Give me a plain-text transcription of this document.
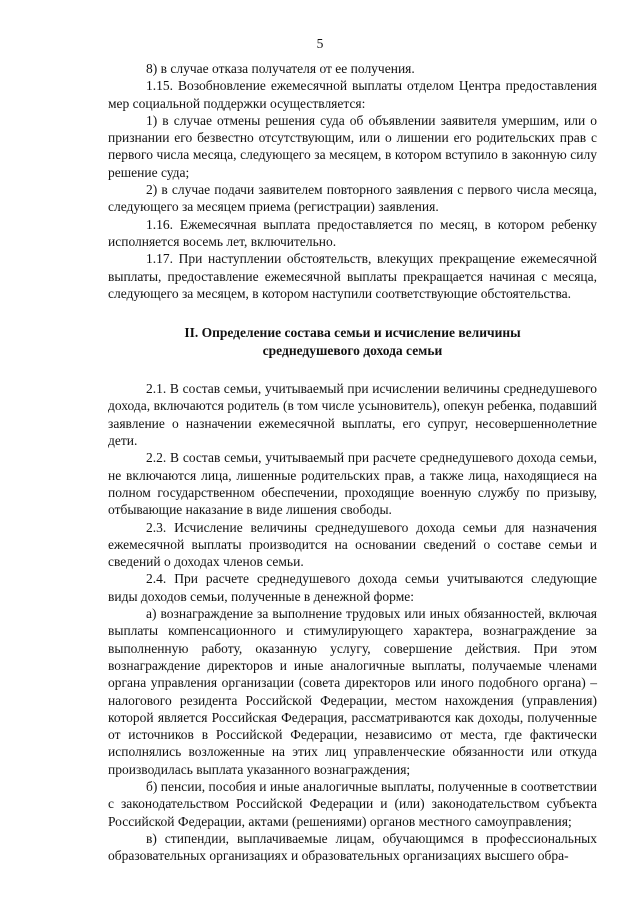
5

8) в случае отказа получателя от ее получения.

1.15. Возобновление ежемесячной выплаты отделом Центра предоставления мер социальной поддержки осуществляется:

1) в случае отмены решения суда об объявлении заявителя умершим, или о признании его безвестно отсутствующим, или о лишении его родительских прав с первого числа месяца, следующего за месяцем, в котором вступило в законную силу решение суда;

2) в случае подачи заявителем повторного заявления с первого числа месяца, следующего за месяцем приема (регистрации) заявления.

1.16. Ежемесячная выплата предоставляется по месяц, в котором ребенку исполняется восемь лет, включительно.

1.17. При наступлении обстоятельств, влекущих прекращение ежемесячной выплаты, предоставление ежемесячной выплаты прекращается начиная с месяца, следующего за месяцем, в котором наступили соответствующие обстоятельства.

II. Определение состава семьи и исчисление величины среднедушевого дохода семьи

2.1. В состав семьи, учитываемый при исчислении величины среднедушевого дохода, включаются родитель (в том числе усыновитель), опекун ребенка, подавший заявление о назначении ежемесячной выплаты, его супруг, несовершеннолетние дети.

2.2. В состав семьи, учитываемый при расчете среднедушевого дохода семьи, не включаются лица, лишенные родительских прав, а также лица, находящиеся на полном государственном обеспечении, проходящие военную службу по призыву, отбывающие наказание в виде лишения свободы.

2.3. Исчисление величины среднедушевого дохода семьи для назначения ежемесячной выплаты производится на основании сведений о составе семьи и сведений о доходах членов семьи.

2.4. При расчете среднедушевого дохода семьи учитываются следующие виды доходов семьи, полученные в денежной форме:

а) вознаграждение за выполнение трудовых или иных обязанностей, включая выплаты компенсационного и стимулирующего характера, вознаграждение за выполненную работу, оказанную услугу, совершение действия. При этом вознаграждение директоров и иные аналогичные выплаты, получаемые членами органа управления организации (совета директоров или иного подобного органа) – налогового резидента Российской Федерации, местом нахождения (управления) которой является Российская Федерация, рассматриваются как доходы, полученные от источников в Российской Федерации, независимо от места, где фактически исполнялись возложенные на этих лиц управленческие обязанности или откуда производилась выплата указанного вознаграждения;

б) пенсии, пособия и иные аналогичные выплаты, полученные в соответствии с законодательством Российской Федерации и (или) законодательством субъекта Российской Федерации, актами (решениями) органов местного самоуправления;

в) стипендии, выплачиваемые лицам, обучающимся в профессиональных образовательных организациях и образовательных организациях высшего обра-
